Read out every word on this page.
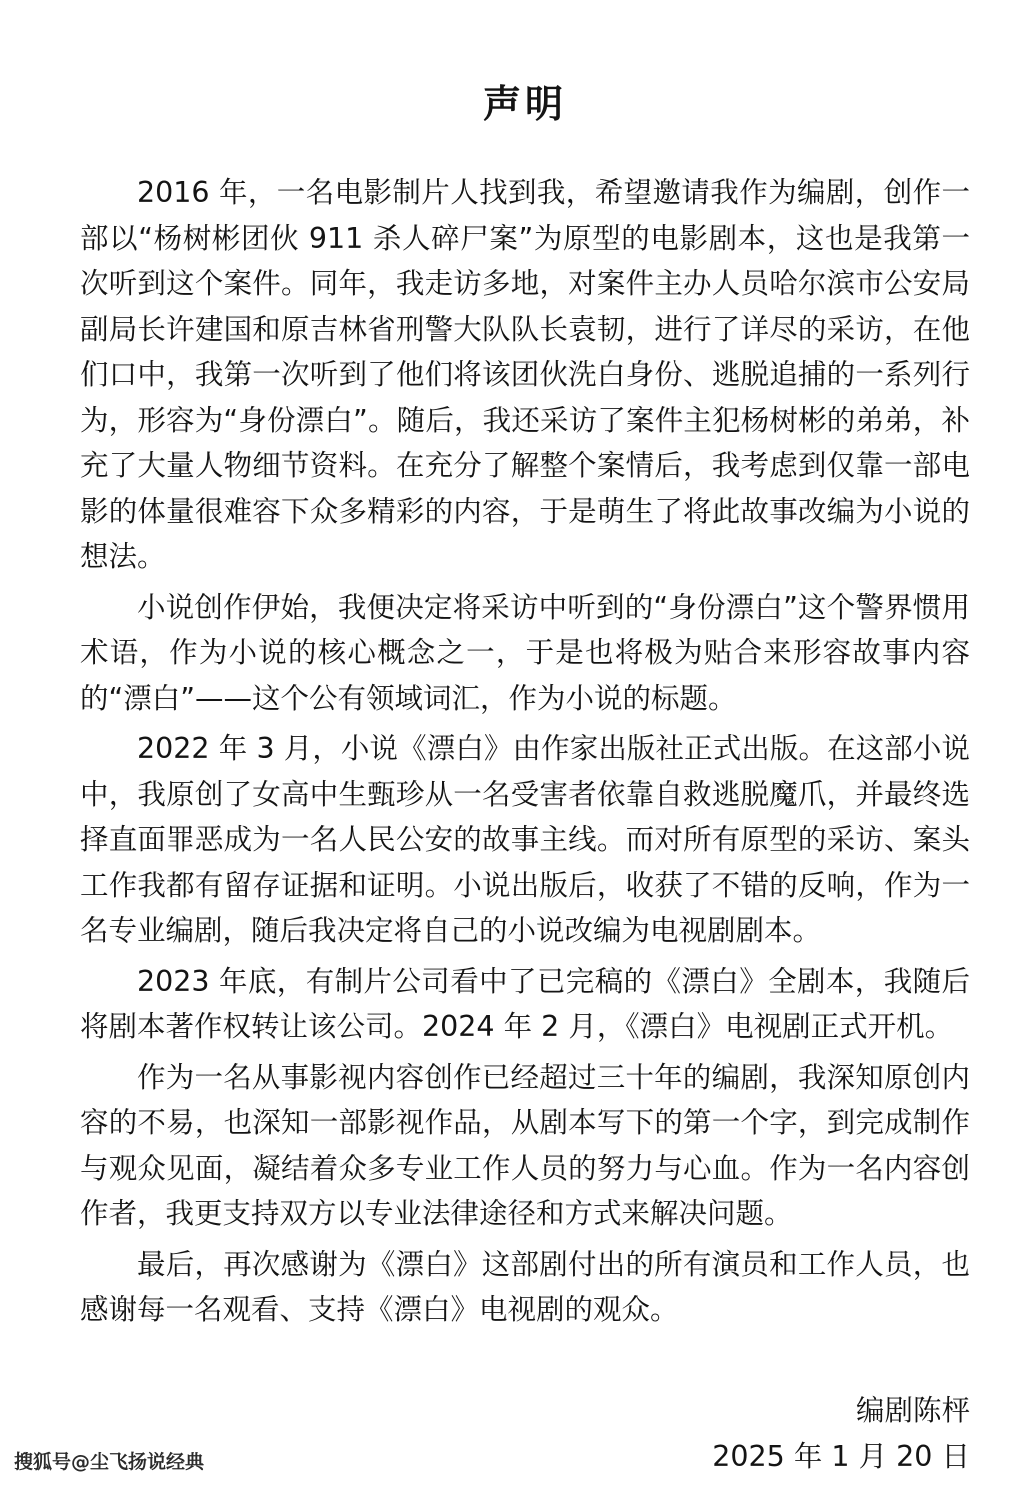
声明

2016 年，一名电影制片人找到我，希望邀请我作为编剧，创作一部以“杨树彬团伙 911 杀人碎尸案”为原型的电影剧本，这也是我第一次听到这个案件。同年，我走访多地，对案件主办人员哈尔滨市公安局副局长许建国和原吉林省刑警大队队长袁韧，进行了详尽的采访，在他们口中，我第一次听到了他们将该团伙洗白身份、逃脱追捕的一系列行为，形容为“身份漂白”。随后，我还采访了案件主犯杨树彬的弟弟，补充了大量人物细节资料。在充分了解整个案情后，我考虑到仅靠一部电影的体量很难容下众多精彩的内容，于是萌生了将此故事改编为小说的想法。

小说创作伊始，我便决定将采访中听到的“身份漂白”这个警界惯用术语，作为小说的核心概念之一，于是也将极为贴合来形容故事内容的“漂白”——这个公有领域词汇，作为小说的标题。

2022 年 3 月，小说《漂白》由作家出版社正式出版。在这部小说中，我原创了女高中生甄珍从一名受害者依靠自救逃脱魔爪，并最终选择直面罪恶成为一名人民公安的故事主线。而对所有原型的采访、案头工作我都有留存证据和证明。小说出版后，收获了不错的反响，作为一名专业编剧，随后我决定将自己的小说改编为电视剧剧本。

2023 年底，有制片公司看中了已完稿的《漂白》全剧本，我随后将剧本著作权转让该公司。2024 年 2 月，《漂白》电视剧正式开机。

作为一名从事影视内容创作已经超过三十年的编剧，我深知原创内容的不易，也深知一部影视作品，从剧本写下的第一个字，到完成制作与观众见面，凝结着众多专业工作人员的努力与心血。作为一名内容创作者，我更支持双方以专业法律途径和方式来解决问题。

最后，再次感谢为《漂白》这部剧付出的所有演员和工作人员，也感谢每一名观看、支持《漂白》电视剧的观众。

编剧陈枰
2025 年 1 月 20 日
搜狐号@尘飞扬说经典
